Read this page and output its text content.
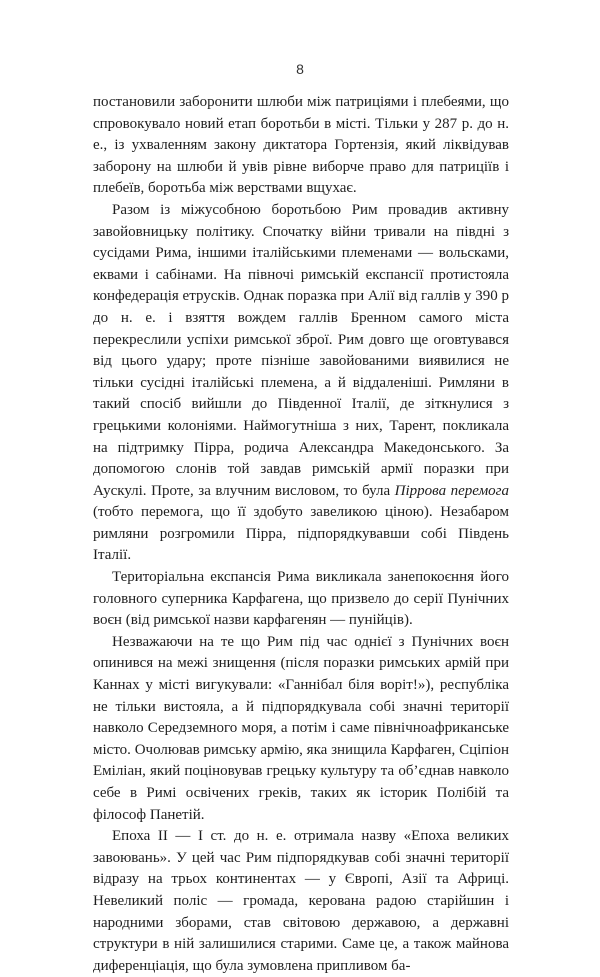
8

постановили заборонити шлюби між патриціями і плебеями, що спровокувало новий етап боротьби в місті. Тільки у 287 р. до н. е., із ухваленням закону диктатора Гортензія, який ліквідував заборону на шлюби й увів рівне виборче право для патриціїв і плебеїв, боротьба між верствами вщухає.

Разом із міжусобною боротьбою Рим провадив активну завойовницьку політику. Спочатку війни тривали на півдні з сусідами Рима, іншими італійськими племенами — вольсками, еквами і сабінами. На півночі римській експансії протистояла конфедерація етрусків. Однак поразка при Алії від галлів у 390 р до н. е. і взяття вождем галлів Бренном самого міста перекреслили успіхи римської зброї. Рим довго ще оговтувався від цього удару; проте пізніше завойованими виявилися не тільки сусідні італійські племена, а й віддаленіші. Римляни в такий спосіб вийшли до Південної Італії, де зіткнулися з грецькими колоніями. Наймогутніша з них, Тарент, покликала на підтримку Пірра, родича Александра Македонського. За допомогою слонів той завдав римській армії поразки при Аускулі. Проте, за влучним висловом, то була Піррова перемога (тобто перемога, що її здобуто завеликою ціною). Незабаром римляни розгромили Пірра, підпорядкувавши собі Південь Італії.

Територіальна експансія Рима викликала занепокоєння його головного суперника Карфагена, що призвело до серії Пунічних воєн (від римської назви карфагенян — пунійців).

Незважаючи на те що Рим під час однієї з Пунічних воєн опинився на межі знищення (після поразки римських армій при Каннах у місті вигукували: «Ганнібал біля воріт!»), республіка не тільки вистояла, а й підпорядкувала собі значні території навколо Середземного моря, а потім і саме північноафриканське місто. Очолював римську армію, яка знищила Карфаген, Сціпіон Еміліан, який поціновував грецьку культуру та об’єднав навколо себе в Римі освічених греків, таких як історик Полібій та філософ Панетій.

Епоха II — I ст. до н. е. отримала назву «Епоха великих завоювань». У цей час Рим підпорядкував собі значні території відразу на трьох континентах — у Європі, Азії та Африці. Невеликий поліс — громада, керована радою старійшин і народними зборами, став світовою державою, а державні структури в ній залишилися старими. Саме це, а також майнова диференціація, що була зумовлена припливом ба-
